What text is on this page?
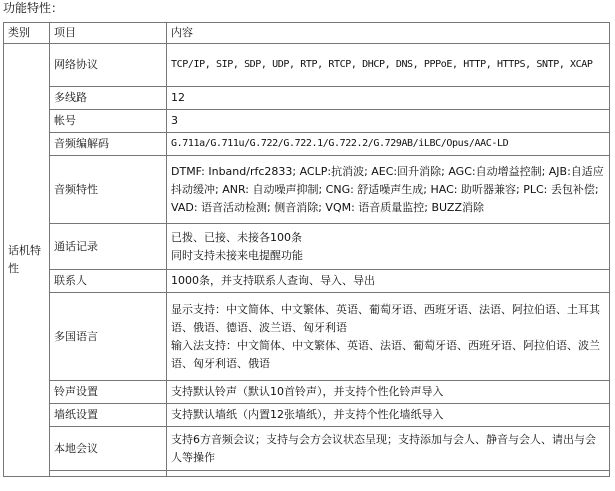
功能特性：
类别	项目	内容
话机特性	网络协议	TCP/IP, SIP, SDP, UDP, RTP, RTCP, DHCP, DNS, PPPoE, HTTP, HTTPS, SNTP, XCAP
	多线路	12
	帐号	3
	音频编解码	G.711a/G.711u/G.722/G.722.1/G.722.2/G.729AB/iLBC/Opus/AAC-LD
	音频特性	DTMF: Inband/rfc2833; ACLP:抗消波; AEC:回升消除; AGC:自动增益控制; AJB:自适应抖动缓冲; ANR: 自动噪声抑制; CNG: 舒适噪声生成; HAC: 助听器兼容; PLC: 丢包补偿; VAD: 语音活动检测; 侧音消除; VQM: 语音质量监控; BUZZ消除
	通话记录	已拨、已接、未接各100条
同时支持未接来电提醒功能

	联系人	1000条，并支持联系人查询、导入、导出
	多国语言	显示支持：中文简体、中文繁体、英语、葡萄牙语、西班牙语、法语、阿拉伯语、土耳其语、俄语、德语、波兰语、匈牙利语
输入法支持：中文简体、中文繁体、英语、法语、葡萄牙语、西班牙语、阿拉伯语、波兰语、匈牙利语、俄语

	铃声设置	支持默认铃声（默认10首铃声），并支持个性化铃声导入
	墙纸设置	支持默认墙纸（内置12张墙纸），并支持个性化墙纸导入
	本地会议	支持6方音频会议；支持与会方会议状态呈现；支持添加与会人、静音与会人、请出与会人等操作
